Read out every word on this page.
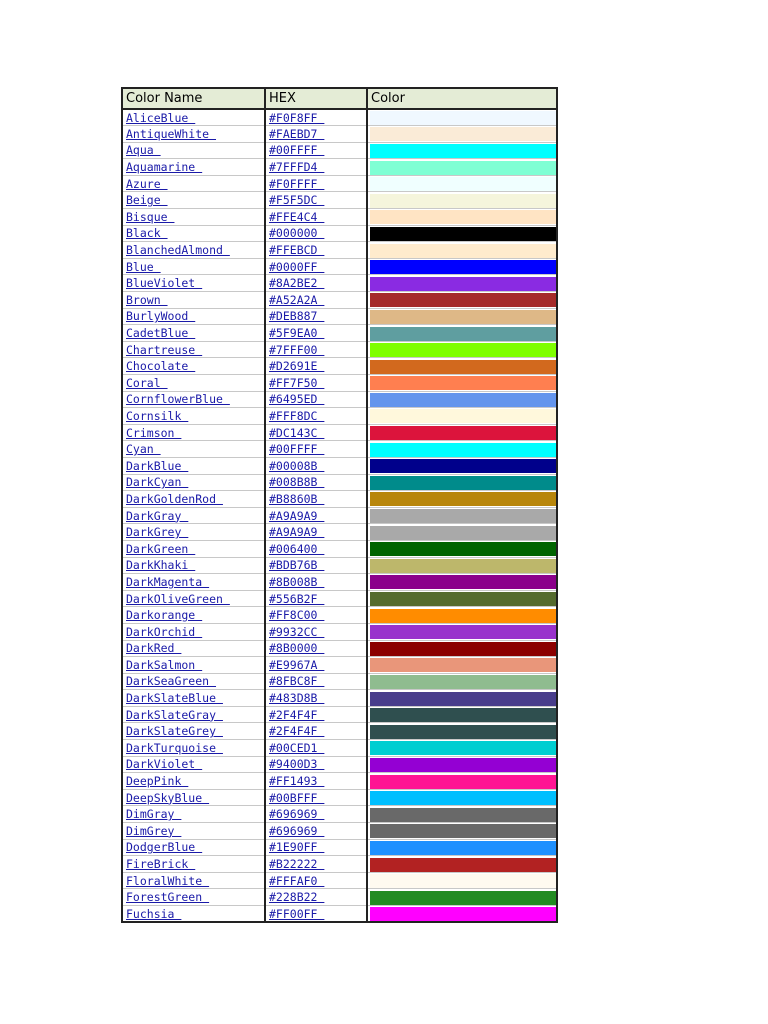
Color Name	HEX	Color
AliceBlue	#F0F8FF	

AntiqueWhite	#FAEBD7	

Aqua	#00FFFF	

Aquamarine	#7FFFD4	

Azure	#F0FFFF	

Beige	#F5F5DC	

Bisque	#FFE4C4	

Black	#000000	

BlanchedAlmond	#FFEBCD	

Blue	#0000FF	

BlueViolet	#8A2BE2	

Brown	#A52A2A	

BurlyWood	#DEB887	

CadetBlue	#5F9EA0	

Chartreuse	#7FFF00	

Chocolate	#D2691E	

Coral	#FF7F50	

CornflowerBlue	#6495ED	

Cornsilk	#FFF8DC	

Crimson	#DC143C	

Cyan	#00FFFF	

DarkBlue	#00008B	

DarkCyan	#008B8B	

DarkGoldenRod	#B8860B	

DarkGray	#A9A9A9	

DarkGrey	#A9A9A9	

DarkGreen	#006400	

DarkKhaki	#BDB76B	

DarkMagenta	#8B008B	

DarkOliveGreen	#556B2F	

Darkorange	#FF8C00	

DarkOrchid	#9932CC	

DarkRed	#8B0000	

DarkSalmon	#E9967A	

DarkSeaGreen	#8FBC8F	

DarkSlateBlue	#483D8B	

DarkSlateGray	#2F4F4F	

DarkSlateGrey	#2F4F4F	

DarkTurquoise	#00CED1	

DarkViolet	#9400D3	

DeepPink	#FF1493	

DeepSkyBlue	#00BFFF	

DimGray	#696969	

DimGrey	#696969	

DodgerBlue	#1E90FF	

FireBrick	#B22222	

FloralWhite	#FFFAF0	

ForestGreen	#228B22	

Fuchsia	#FF00FF	
